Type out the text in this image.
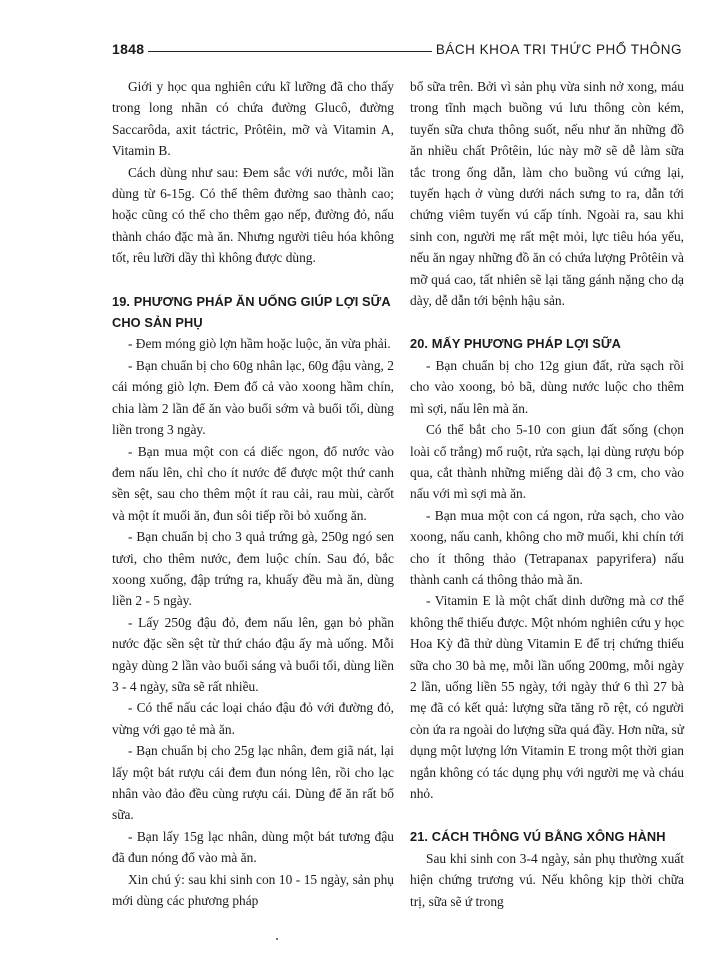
1848	BÁCH KHOA TRI THỨC PHỔ THÔNG

Giới y học qua nghiên cứu kĩ lưỡng đã cho thấy trong long nhãn có chứa đường Glucô, đường Saccarôda, axit táctric, Prôtêin, mỡ và Vitamin A, Vitamin B.

Cách dùng như sau: Đem sắc với nước, mỗi lần dùng từ 6-15g. Có thể thêm đường sao thành cao; hoặc cũng có thể cho thêm gạo nếp, đường đỏ, nấu thành cháo đặc mà ăn. Nhưng người tiêu hóa không tốt, rêu lưỡi dầy thì không được dùng.

19. PHƯƠNG PHÁP ĂN UỐNG GIÚP LỢI SỮA CHO SẢN PHỤ

- Đem móng giò lợn hầm hoặc luộc, ăn vừa phải.

- Bạn chuẩn bị cho 60g nhân lạc, 60g đậu vàng, 2 cái móng giò lợn. Đem đổ cả vào xoong hầm chín, chia làm 2 lần để ăn vào buổi sớm và buổi tối, dùng liền trong 3 ngày.

- Bạn mua một con cá diếc ngon, đổ nước vào đem nấu lên, chỉ cho ít nước để được một thứ canh sền sệt, sau cho thêm một ít rau cải, rau mùi, càrốt và một ít muối ăn, đun sôi tiếp rồi bỏ xuống ăn.

- Bạn chuẩn bị cho 3 quả trứng gà, 250g ngó sen tươi, cho thêm nước, đem luộc chín. Sau đó, bắc xoong xuống, đập trứng ra, khuấy đều mà ăn, dùng liền 2 - 5 ngày.

- Lấy 250g đậu đỏ, đem nấu lên, gạn bỏ phần nước đặc sền sệt từ thứ cháo đậu ấy mà uống. Mỗi ngày dùng 2 lần vào buổi sáng và buổi tối, dùng liền 3 - 4 ngày, sữa sẽ rất nhiều.

- Có thể nấu các loại cháo đậu đỏ với đường đỏ, vừng với gạo tẻ mà ăn.

- Bạn chuẩn bị cho 25g lạc nhân, đem giã nát, lại lấy một bát rượu cái đem đun nóng lên, rồi cho lạc nhân vào đảo đều cùng rượu cái. Dùng để ăn rất bổ sữa.

- Bạn lấy 15g lạc nhân, dùng một bát tương đậu đã đun nóng đổ vào mà ăn.

Xin chú ý: sau khi sinh con 10 - 15 ngày, sản phụ mới dùng các phương pháp

bổ sữa trên. Bởi vì sản phụ vừa sinh nở xong, máu trong tĩnh mạch buồng vú lưu thông còn kém, tuyến sữa chưa thông suốt, nếu như ăn những đồ ăn nhiều chất Prôtêin, lúc này mỡ sẽ dễ làm sữa tắc trong ống dẫn, làm cho buồng vú cứng lại, tuyến hạch ở vùng dưới nách sưng to ra, dẫn tới chứng viêm tuyến vú cấp tính. Ngoài ra, sau khi sinh con, người mẹ rất mệt mỏi, lực tiêu hóa yếu, nếu ăn ngay những đồ ăn có chứa lượng Prôtêin và mỡ quá cao, tất nhiên sẽ lại tăng gánh nặng cho dạ dày, dễ dẫn tới bệnh hậu sản.

20. MẤY PHƯƠNG PHÁP LỢI SỮA

- Bạn chuẩn bị cho 12g giun đất, rửa sạch rồi cho vào xoong, bỏ bã, dùng nước luộc cho thêm mì sợi, nấu lên mà ăn.

Có thể bắt cho 5-10 con giun đất sống (chọn loài cổ trắng) mổ ruột, rửa sạch, lại dùng rượu bóp qua, cắt thành những miếng dài độ 3 cm, cho vào nấu với mì sợi mà ăn.

- Bạn mua một con cá ngon, rửa sạch, cho vào xoong, nấu canh, không cho mỡ muối, khi chín tới cho ít thông thảo (Tetrapanax papyrifera) nấu thành canh cá thông thảo mà ăn.

- Vitamin E là một chất dinh dưỡng mà cơ thể không thể thiếu được. Một nhóm nghiên cứu y học Hoa Kỳ đã thử dùng Vitamin E để trị chứng thiếu sữa cho 30 bà mẹ, mỗi lần uống 200mg, mỗi ngày 2 lần, uống liền 55 ngày, tới ngày thứ 6 thì 27 bà mẹ đã có kết quả: lượng sữa tăng rõ rệt, có người còn ứa ra ngoài do lượng sữa quá đầy. Hơn nữa, sử dụng một lượng lớn Vitamin E trong một thời gian ngắn không có tác dụng phụ với người mẹ và cháu nhỏ.

21. CÁCH THÔNG VÚ BẰNG XÔNG HÀNH

Sau khi sinh con 3-4 ngày, sản phụ thường xuất hiện chứng trương vú. Nếu không kịp thời chữa trị, sữa sẽ ứ trong
